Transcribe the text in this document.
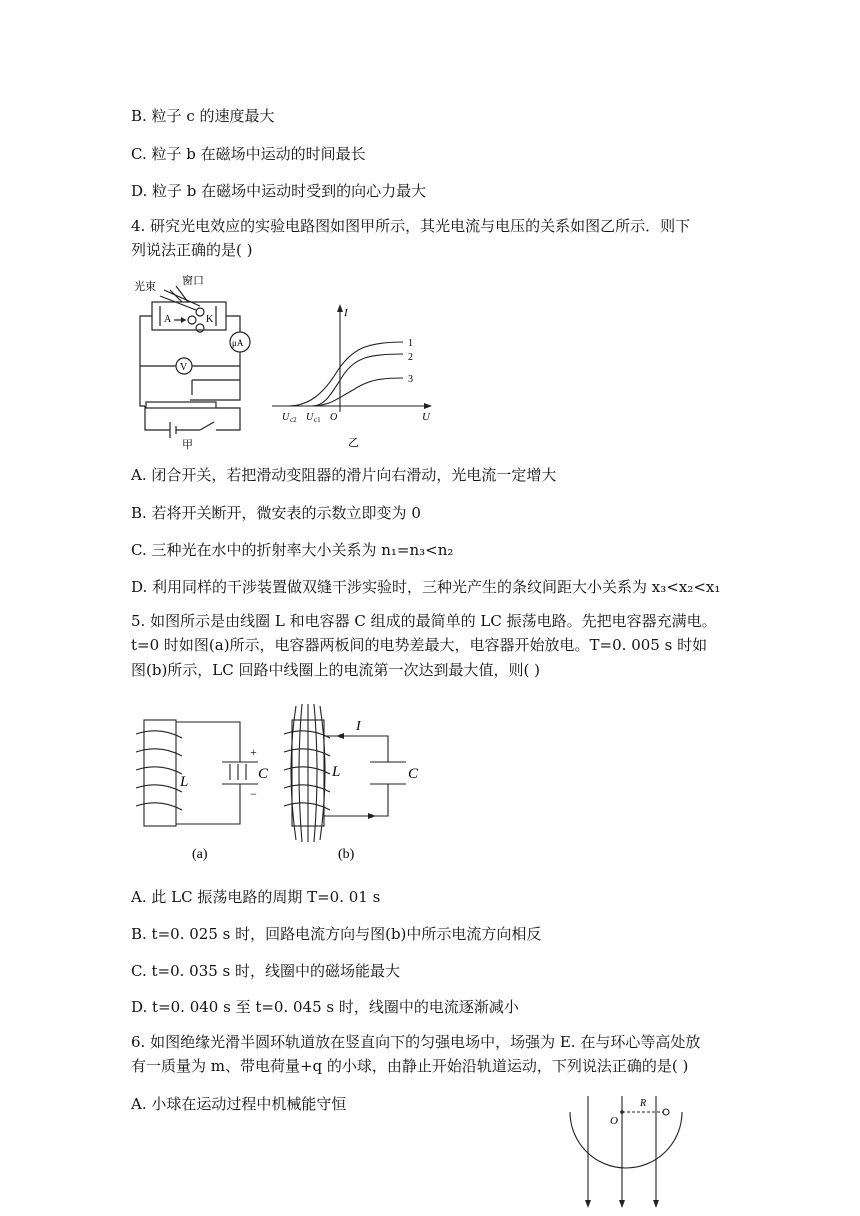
B. 粒子 c 的速度最大
C. 粒子 b 在磁场中运动的时间最长
D. 粒子 b 在磁场中运动时受到的向心力最大
4. 研究光电效应的实验电路图如图甲所示，其光电流与电压的关系如图乙所示．则下
列说法正确的是( )
光束 窗口
A	K
μA
V
甲
I
U
O
U c2 U c1
1
2
3
乙
A. 闭合开关，若把滑动变阻器的滑片向右滑动，光电流一定增大
B. 若将开关断开，微安表的示数立即变为 0
C. 三种光在水中的折射率大小关系为 n₁=n₃<n₂
D. 利用同样的干涉装置做双缝干涉实验时，三种光产生的条纹间距大小关系为 x₃<x₂<x₁
5. 如图所示是由线圈 L 和电容器 C 组成的最简单的 LC 振荡电路。先把电容器充满电。
t=0 时如图(a)所示，电容器两板间的电势差最大，电容器开始放电。T=0. 005 s 时如
图(b)所示，LC 回路中线圈上的电流第一次达到最大值，则( )
L	C
+
−
(a)
L	C
I
(b)
A. 此 LC 振荡电路的周期 T=0. 01 s
B. t=0. 025 s 时，回路电流方向与图(b)中所示电流方向相反
C. t=0. 035 s 时，线圈中的磁场能最大
D. t=0. 040 s 至 t=0. 045 s 时，线圈中的电流逐渐减小
6. 如图绝缘光滑半圆环轨道放在竖直向下的匀强电场中，场强为 E. 在与环心等高处放
有一质量为 m、带电荷量+q 的小球，由静止开始沿轨道运动，下列说法正确的是( )
A. 小球在运动过程中机械能守恒
O
R
